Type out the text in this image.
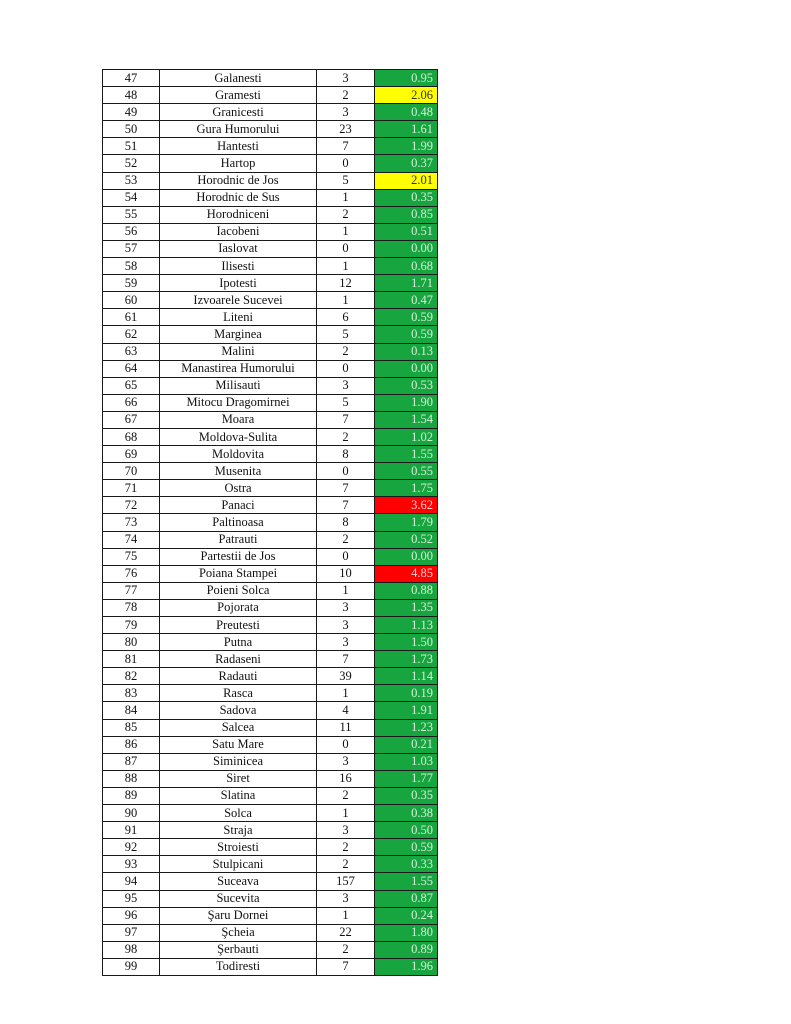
47	Galanesti	3	0.95
48	Gramesti	2	2.06
49	Granicesti	3	0.48
50	Gura Humorului	23	1.61
51	Hantesti	7	1.99
52	Hartop	0	0.37
53	Horodnic de Jos	5	2.01
54	Horodnic de Sus	1	0.35
55	Horodniceni	2	0.85
56	Iacobeni	1	0.51
57	Iaslovat	0	0.00
58	Ilisesti	1	0.68
59	Ipotesti	12	1.71
60	Izvoarele Sucevei	1	0.47
61	Liteni	6	0.59
62	Marginea	5	0.59
63	Malini	2	0.13
64	Manastirea Humorului	0	0.00
65	Milisauti	3	0.53
66	Mitocu Dragomirnei	5	1.90
67	Moara	7	1.54
68	Moldova-Sulita	2	1.02
69	Moldovita	8	1.55
70	Musenita	0	0.55
71	Ostra	7	1.75
72	Panaci	7	3.62
73	Paltinoasa	8	1.79
74	Patrauti	2	0.52
75	Partestii de Jos	0	0.00
76	Poiana Stampei	10	4.85
77	Poieni Solca	1	0.88
78	Pojorata	3	1.35
79	Preutesti	3	1.13
80	Putna	3	1.50
81	Radaseni	7	1.73
82	Radauti	39	1.14
83	Rasca	1	0.19
84	Sadova	4	1.91
85	Salcea	11	1.23
86	Satu Mare	0	0.21
87	Siminicea	3	1.03
88	Siret	16	1.77
89	Slatina	2	0.35
90	Solca	1	0.38
91	Straja	3	0.50
92	Stroiesti	2	0.59
93	Stulpicani	2	0.33
94	Suceava	157	1.55
95	Sucevita	3	0.87
96	Şaru Dornei	1	0.24
97	Şcheia	22	1.80
98	Şerbauti	2	0.89
99	Todiresti	7	1.96
